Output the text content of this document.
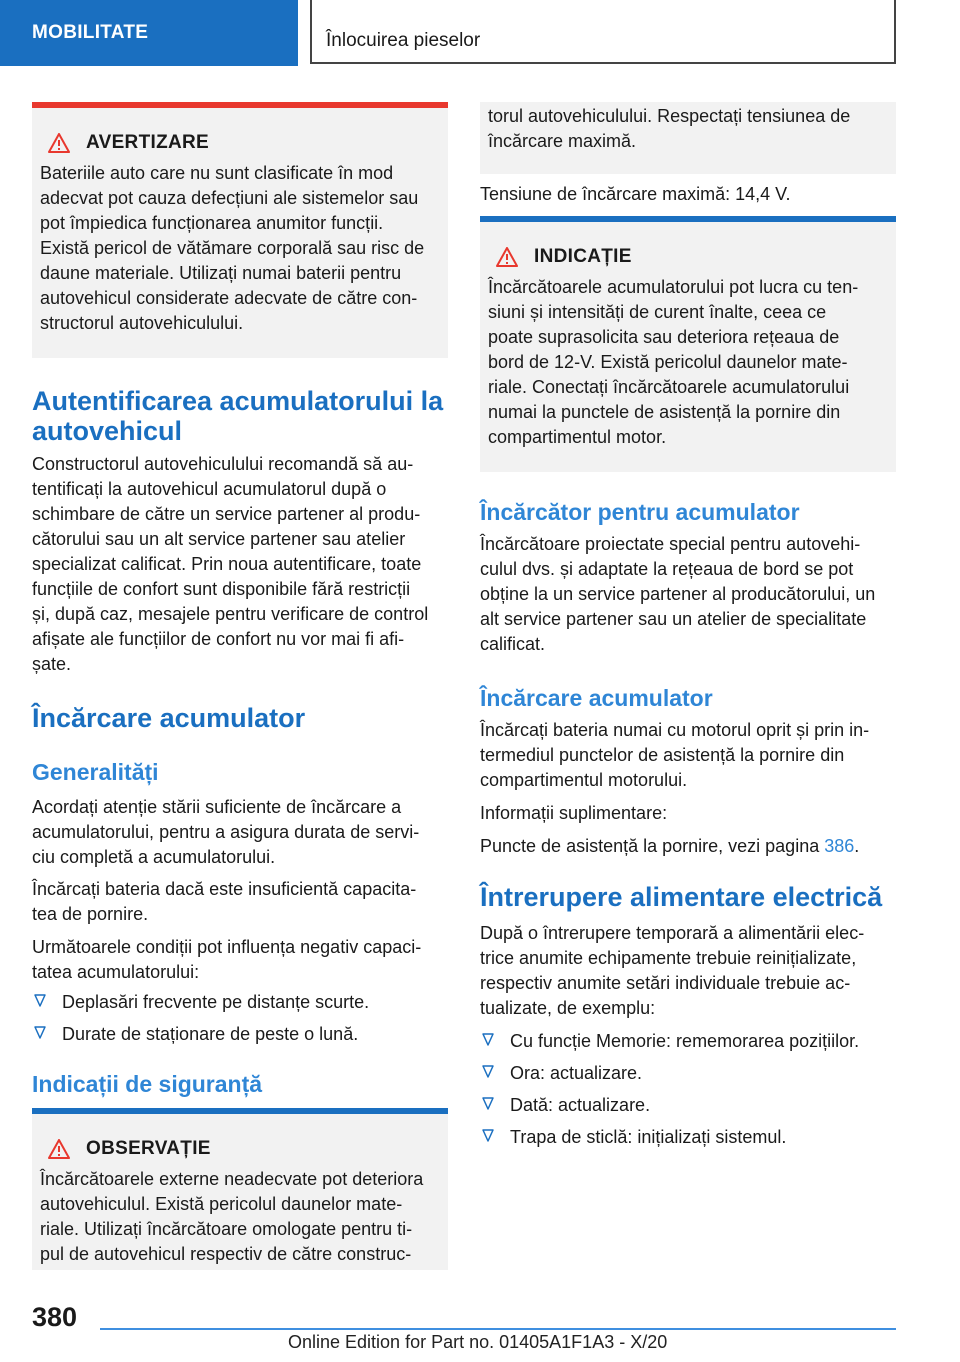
MOBILITATE	Înlocuirea pieselor
AVERTIZARE

Bateriile auto care nu sunt clasificate în mod
adecvat pot cauza defecțiuni ale sistemelor sau
pot împiedica funcționarea anumitor funcții.
Există pericol de vătămare corporală sau risc de
daune materiale. Utilizați numai baterii pentru
autovehicul considerate adecvate de către con-
structorul autovehiculului.

Autentificarea acumulatorului la
autovehicul

Constructorul autovehiculului recomandă să au-
tentificați la autovehicul acumulatorul după o
schimbare de către un service partener al produ-
cătorului sau un alt service partener sau atelier
specializat calificat. Prin noua autentificare, toate
funcțiile de confort sunt disponibile fără restricții
și, după caz, mesajele pentru verificare de control
afișate ale funcțiilor de confort nu vor mai fi afi-
șate.

Încărcare acumulator
Generalități

Acordați atenție stării suficiente de încărcare a
acumulatorului, pentru a asigura durata de servi-
ciu completă a acumulatorului.

Încărcați bateria dacă este insuficientă capacita-
tea de pornire.

Următoarele condiții pot influența negativ capaci-
tatea acumulatorului:

Deplasări frecvente pe distanțe scurte.
Durate de staționare de peste o lună.
Indicații de siguranță
OBSERVAȚIE

Încărcătoarele externe neadecvate pot deteriora
autovehiculul. Există pericolul daunelor mate-
riale. Utilizați încărcătoare omologate pentru ti-
pul de autovehicul respectiv de către construc-

torul autovehiculului. Respectați tensiunea de
încărcare maximă.

Tensiune de încărcare maximă: 14,4 V.

INDICAȚIE

Încărcătoarele acumulatorului pot lucra cu ten-
siuni și intensități de curent înalte, ceea ce
poate suprasolicita sau deteriora rețeaua de
bord de 12-V. Există pericolul daunelor mate-
riale. Conectați încărcătoarele acumulatorului
numai la punctele de asistență la pornire din
compartimentul motor.

Încărcător pentru acumulator

Încărcătoare proiectate special pentru autovehi-
culul dvs. și adaptate la rețeaua de bord se pot
obține la un service partener al producătorului, un
alt service partener sau un atelier de specialitate
calificat.

Încărcare acumulator

Încărcați bateria numai cu motorul oprit și prin in-
termediul punctelor de asistență la pornire din
compartimentul motorului.

Informații suplimentare:

Puncte de asistență la pornire, vezi pagina 386.

Întrerupere alimentare electrică

După o întrerupere temporară a alimentării elec-
trice anumite echipamente trebuie reinițializate,
respectiv anumite setări individuale trebuie ac-
tualizate, de exemplu:

Cu funcție Memorie: rememorarea pozițiilor.
Ora: actualizare.
Dată: actualizare.
Trapa de sticlă: inițializați sistemul.
380
Online Edition for Part no. 01405A1F1A3 - X/20
